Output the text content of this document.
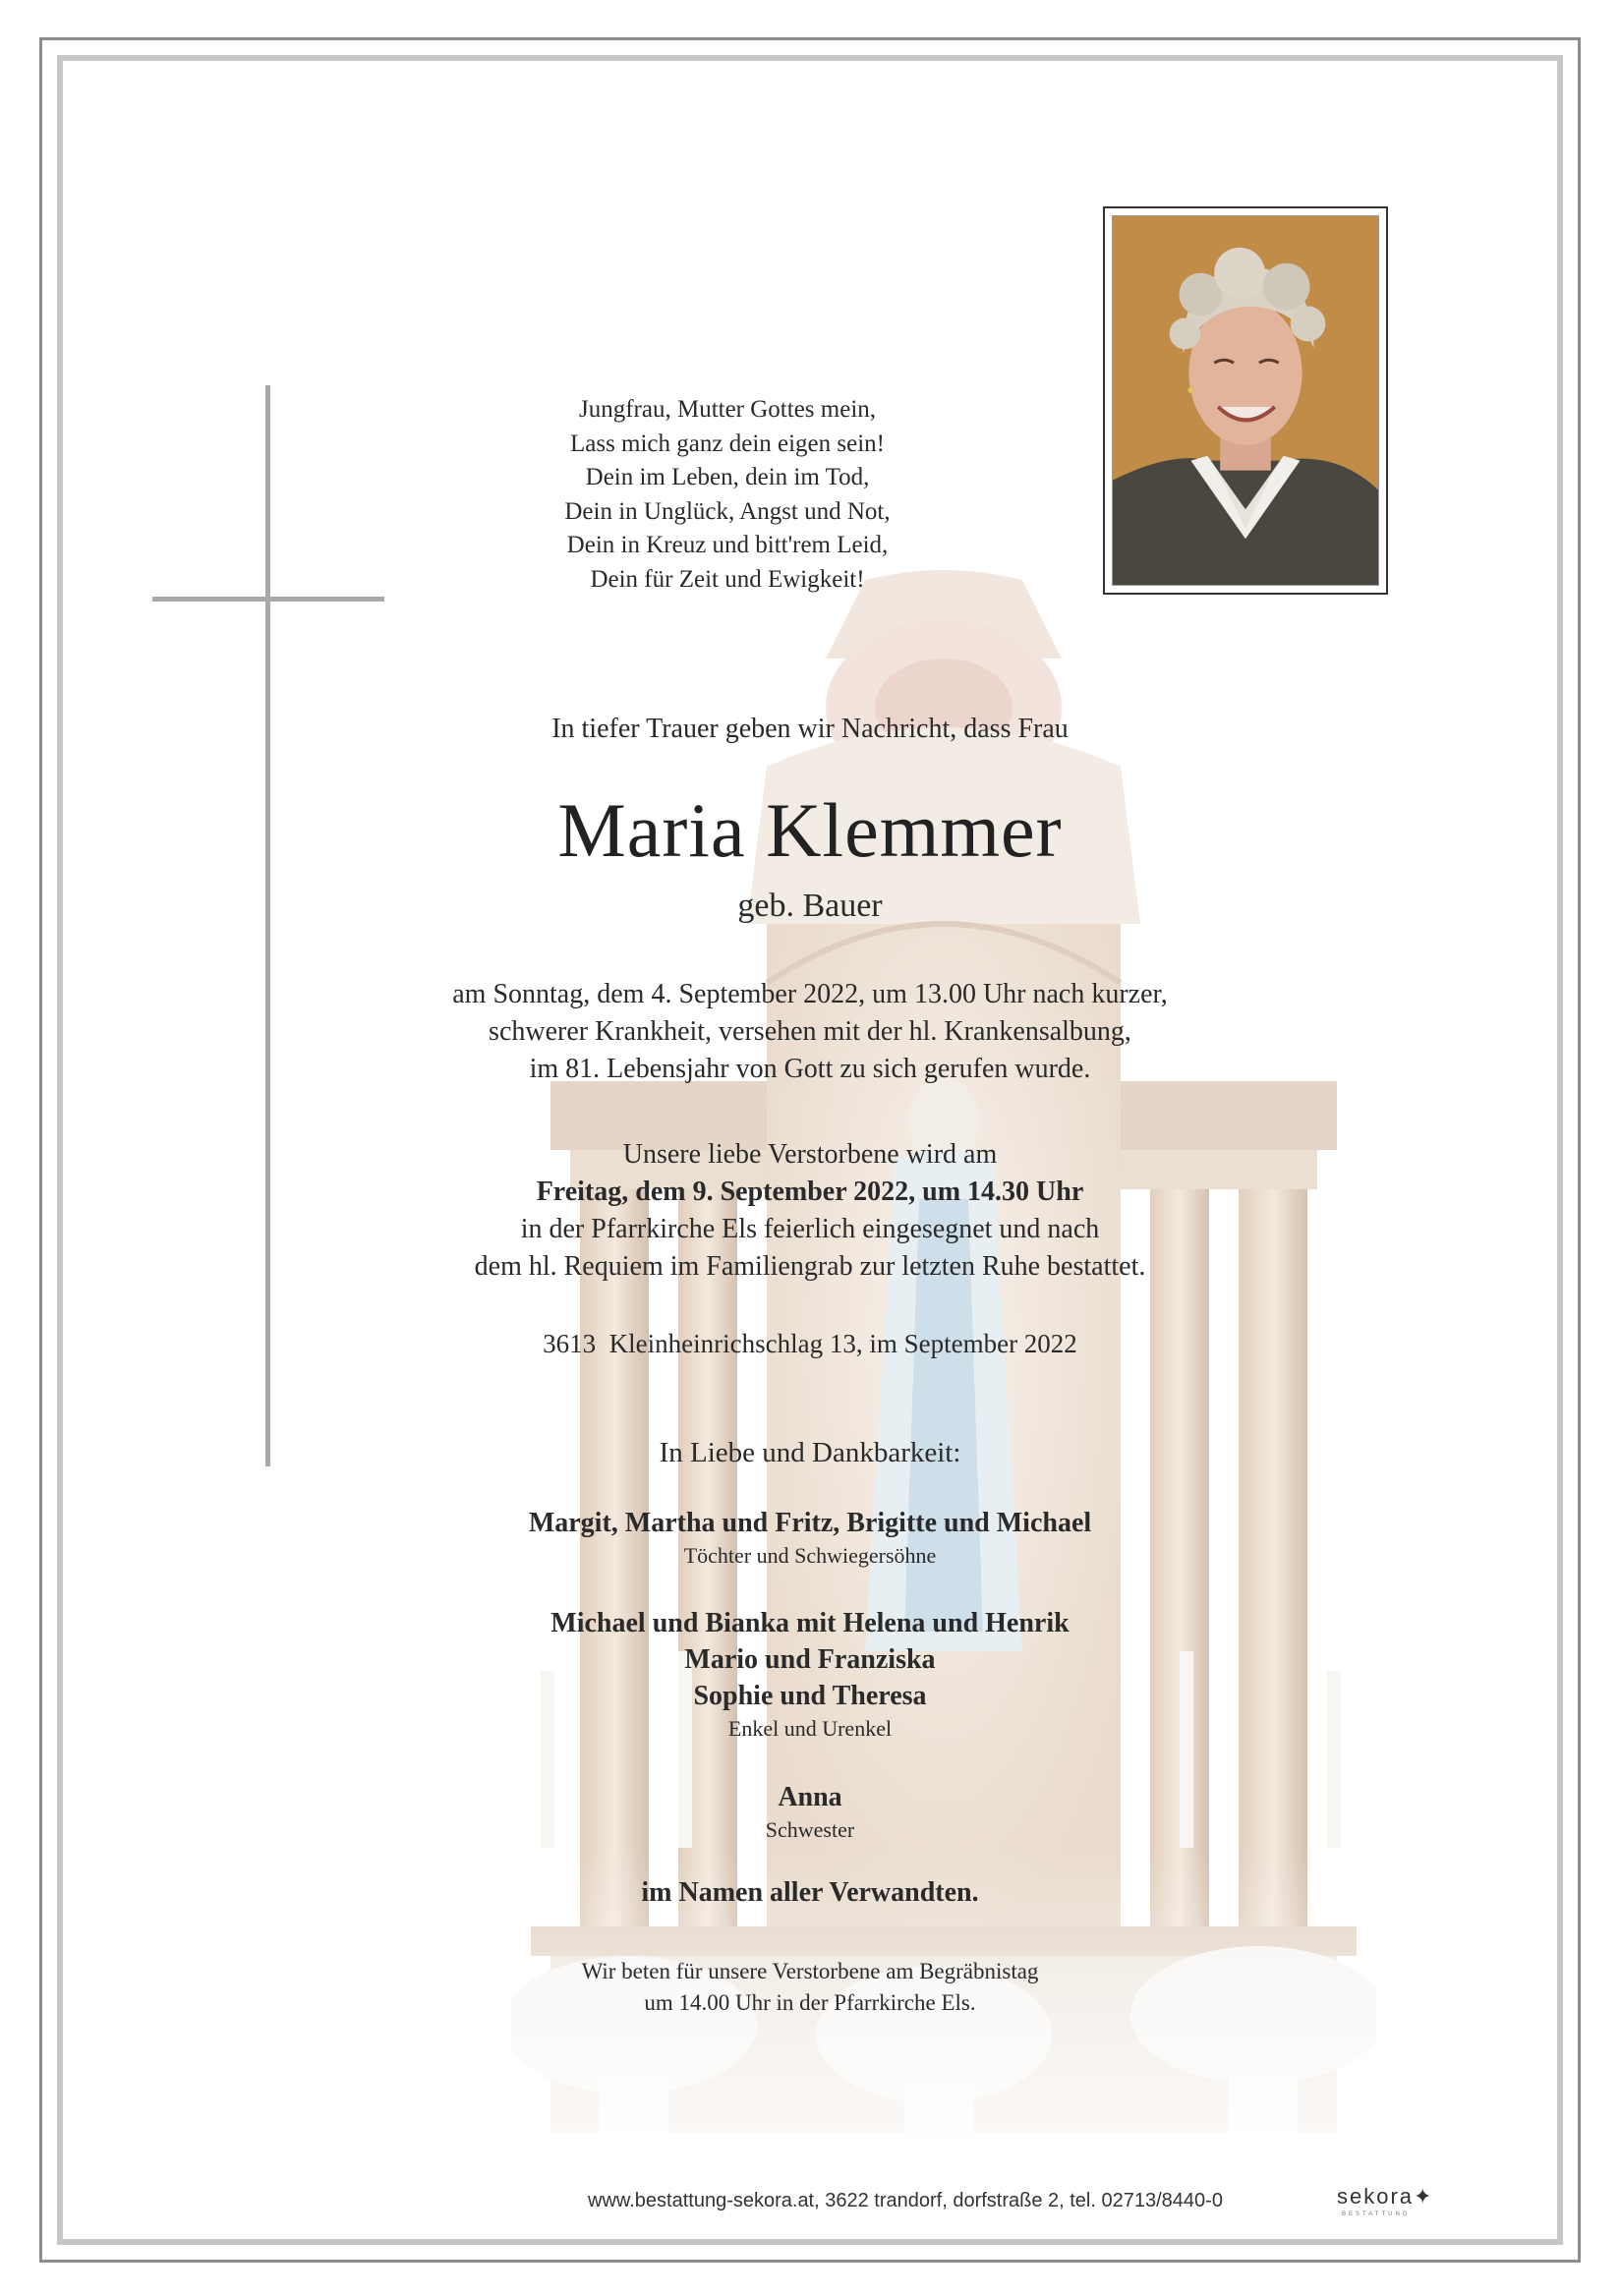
Jungfrau, Mutter Gottes mein,
Lass mich ganz dein eigen sein!
Dein im Leben, dein im Tod,
Dein in Unglück, Angst und Not,
Dein in Kreuz und bitt'rem Leid,
Dein für Zeit und Ewigkeit!
In tiefer Trauer geben wir Nachricht, dass Frau
Maria Klemmer
geb. Bauer
am Sonntag, dem 4. September 2022, um 13.00 Uhr nach kurzer,
schwerer Krankheit, versehen mit der hl. Krankensalbung,
im 81. Lebensjahr von Gott zu sich gerufen wurde.
Unsere liebe Verstorbene wird am
Freitag, dem 9. September 2022, um 14.30 Uhr
in der Pfarrkirche Els feierlich eingesegnet und nach
dem hl. Requiem im Familiengrab zur letzten Ruhe bestattet.
3613  Kleinheinrichschlag 13, im September 2022
In Liebe und Dankbarkeit:
Margit, Martha und Fritz, Brigitte und Michael
Töchter und Schwiegersöhne
Michael und Bianka mit Helena und Henrik
Mario und Franziska
Sophie und Theresa
Enkel und Urenkel
Anna
Schwester
im Namen aller Verwandten.
Wir beten für unsere Verstorbene am Begräbnistag
um 14.00 Uhr in der Pfarrkirche Els.
www.bestattung-sekora.at, 3622 trandorf, dorfstraße 2, tel. 02713/8440-0	sekora✦
BESTATTUNG
